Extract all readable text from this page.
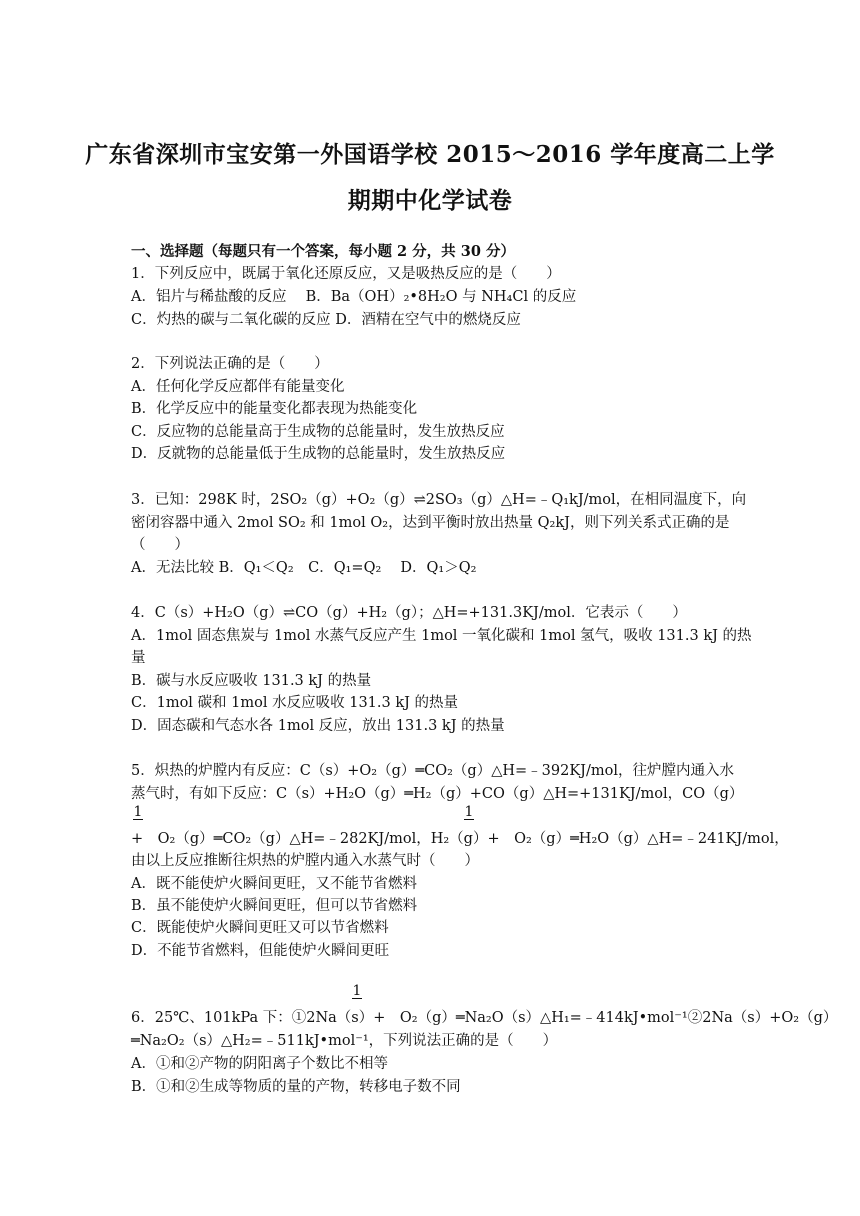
广东省深圳市宝安第一外国语学校 2015～2016 学年度高二上学
期期中化学试卷
一、选择题（每题只有一个答案，每小题 2 分，共 30 分）
1．下列反应中，既属于氧化还原反应，又是吸热反应的是（　　）
A．铝片与稀盐酸的反应　 B．Ba（OH）₂•8H₂O 与 NH₄Cl 的反应
C．灼热的碳与二氧化碳的反应 D．酒精在空气中的燃烧反应
2．下列说法正确的是（　　）
A．任何化学反应都伴有能量变化
B．化学反应中的能量变化都表现为热能变化
C．反应物的总能量高于生成物的总能量时，发生放热反应
D．反就物的总能量低于生成物的总能量时，发生放热反应
3．已知：298K 时，2SO₂（g）+O₂（g）⇌2SO₃（g）△H=﹣Q₁kJ/mol，在相同温度下，向
密闭容器中通入 2mol SO₂ 和 1mol O₂，达到平衡时放出热量 Q₂kJ，则下列关系式正确的是
（　　）
A．无法比较 B．Q₁＜Q₂　C．Q₁=Q₂　 D．Q₁＞Q₂
4．C（s）+H₂O（g）⇌CO（g）+H₂（g）；△H=+131.3KJ/mol．它表示（　　）
A．1mol 固态焦炭与 1mol 水蒸气反应产生 1mol 一氧化碳和 1mol 氢气，吸收 131.3 kJ 的热
量
B．碳与水反应吸收 131.3 kJ 的热量
C．1mol 碳和 1mol 水反应吸收 131.3 kJ 的热量
D．固态碳和气态水各 1mol 反应，放出 131.3 kJ 的热量
5．炽热的炉膛内有反应：C（s）+O₂（g）═CO₂（g）△H=﹣392KJ/mol，往炉膛内通入水
蒸气时，有如下反应：C（s）+H₂O（g）═H₂（g）+CO（g）△H=+131KJ/mol，CO（g）
1	1
+　O₂（g）═CO₂（g）△H=﹣282KJ/mol，H₂（g）+　O₂（g）═H₂O（g）△H=﹣241KJ/mol，
由以上反应推断往炽热的炉膛内通入水蒸气时（　　）
A．既不能使炉火瞬间更旺，又不能节省燃料
B．虽不能使炉火瞬间更旺，但可以节省燃料
C．既能使炉火瞬间更旺又可以节省燃料
D．不能节省燃料，但能使炉火瞬间更旺
1
6．25℃、101kPa 下：①2Na（s）+　O₂（g）═Na₂O（s）△H₁=﹣414kJ•mol⁻¹②2Na（s）+O₂（g）
═Na₂O₂（s）△H₂=﹣511kJ•mol⁻¹，下列说法正确的是（　　）
A．①和②产物的阴阳离子个数比不相等
B．①和②生成等物质的量的产物，转移电子数不同
